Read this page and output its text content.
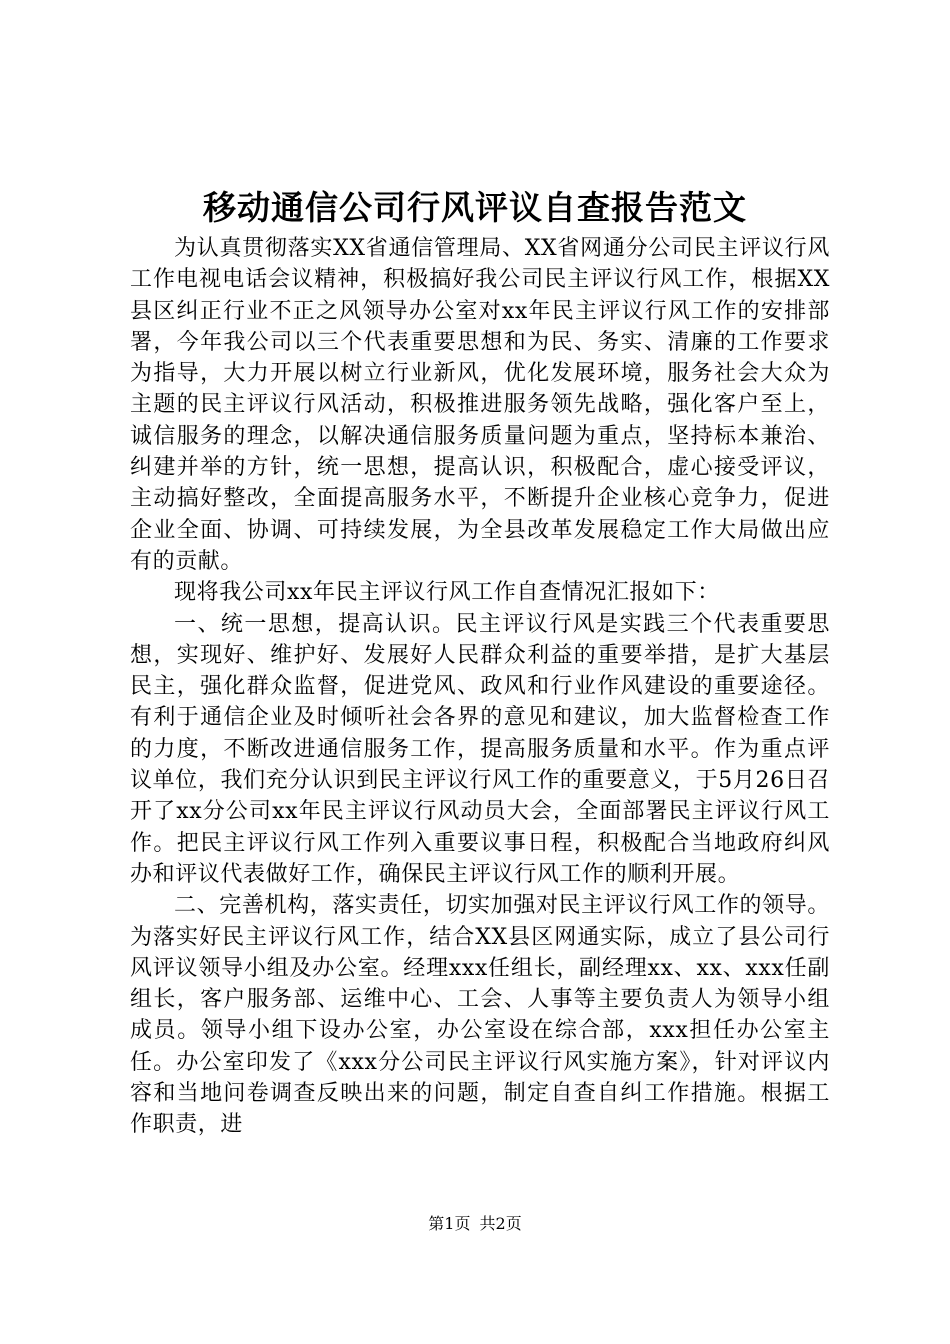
移动通信公司行风评议自查报告范文

为认真贯彻落实XX省通信管理局、XX省网通分公司民主评议行风工作电视电话会议精神，积极搞好我公司民主评议行风工作，根据XX县区纠正行业不正之风领导办公室对xx年民主评议行风工作的安排部署，今年我公司以三个代表重要思想和为民、务实、清廉的工作要求为指导，大力开展以树立行业新风，优化发展环境，服务社会大众为主题的民主评议行风活动，积极推进服务领先战略，强化客户至上，诚信服务的理念，以解决通信服务质量问题为重点，坚持标本兼治、纠建并举的方针，统一思想，提高认识，积极配合，虚心接受评议，主动搞好整改，全面提高服务水平，不断提升企业核心竞争力，促进企业全面、协调、可持续发展，为全县改革发展稳定工作大局做出应有的贡献。

现将我公司xx年民主评议行风工作自查情况汇报如下：

一、统一思想，提高认识。民主评议行风是实践三个代表重要思想，实现好、维护好、发展好人民群众利益的重要举措，是扩大基层民主，强化群众监督，促进党风、政风和行业作风建设的重要途径。有利于通信企业及时倾听社会各界的意见和建议，加大监督检查工作的力度，不断改进通信服务工作，提高服务质量和水平。作为重点评议单位，我们充分认识到民主评议行风工作的重要意义，于5月26日召开了xx分公司xx年民主评议行风动员大会，全面部署民主评议行风工作。把民主评议行风工作列入重要议事日程，积极配合当地政府纠风办和评议代表做好工作，确保民主评议行风工作的顺利开展。

二、完善机构，落实责任，切实加强对民主评议行风工作的领导。为落实好民主评议行风工作，结合XX县区网通实际，成立了县公司行风评议领导小组及办公室。经理xxx任组长，副经理xx、xx、xxx任副组长，客户服务部、运维中心、工会、人事等主要负责人为领导小组成员。领导小组下设办公室，办公室设在综合部，xxx担任办公室主任。办公室印发了《xxx分公司民主评议行风实施方案》，针对评议内容和当地问卷调查反映出来的问题，制定自查自纠工作措施。根据工作职责，进

第1页 共2页
